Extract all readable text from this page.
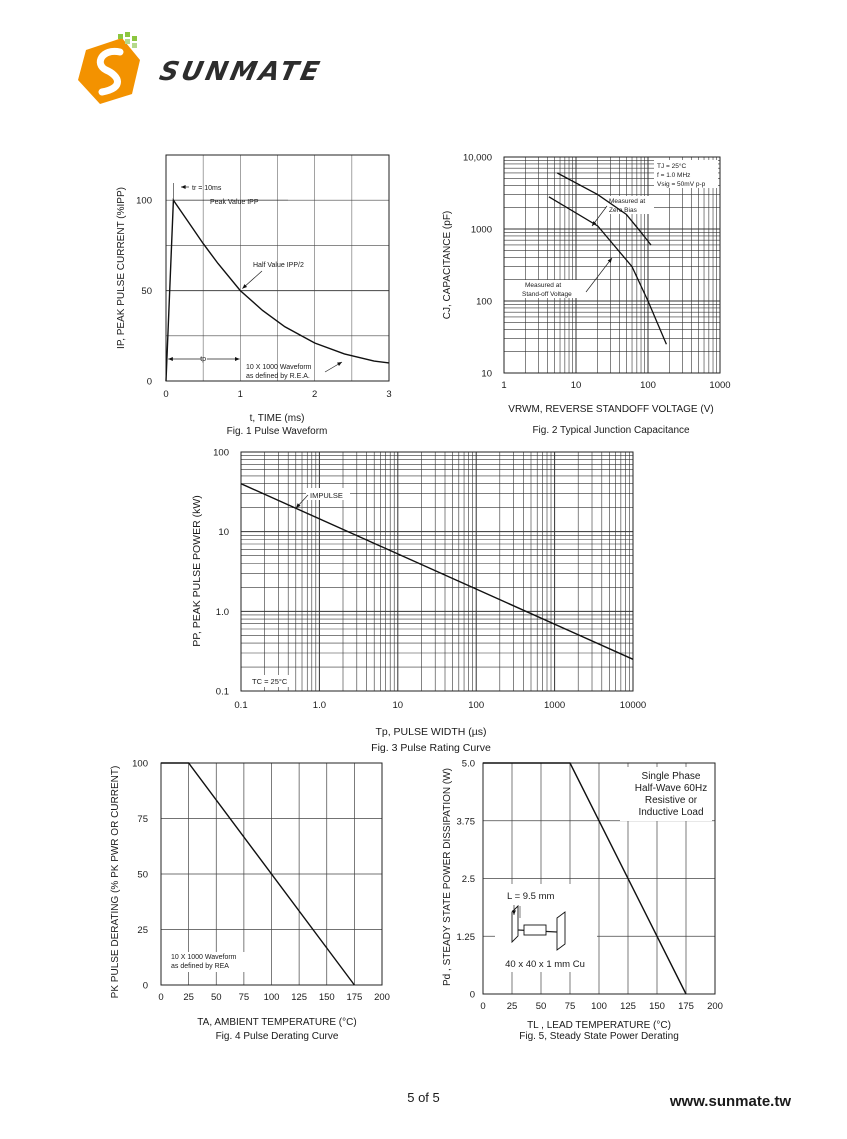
SUNMATE
0	1	2	3
0
50
100
t, TIME (ms)
Fig. 1 Pulse Waveform
IP, PEAK PULSE CURRENT (%IPP)	tr = 10ms
Peak Value IPP
Half Value IPP/2
tp
10 X 1000 Waveform
as defined by R.E.A.
1	10	100	1000
10
100
1000
10,000
VRWM, REVERSE STANDOFF VOLTAGE (V)
Fig. 2 Typical Junction Capacitance
CJ, CAPACITANCE (pF)
TJ = 25°C
f = 1.0 MHz
Vsig = 50mV p-p
Measured at
Zero Bias
Measured at
Stand-off Voltage
0.1	1.0	10	100	1000	10000
0.1
1.0
10
100
Tp, PULSE WIDTH (µs)
Fig. 3 Pulse Rating Curve
PP, PEAK PULSE POWER (kW)	IMPULSE
TC = 25°C
0 25 50 75 100 125 150 175 200
0
25
50
75
100
TA, AMBIENT TEMPERATURE (°C)
Fig. 4 Pulse Derating Curve
PK PULSE DERATING (% PK PWR OR CURRENT)	10 X 1000 Waveform
as defined by REA
0 25 50 75 100 125 150 175 200
0
1.25
2.5
3.75
5.0
TL , LEAD TEMPERATURE (°C)
Fig. 5, Steady State Power Derating
Pd , STEADY STATE POWER DISSIPATION (W)	Single Phase
Half-Wave 60Hz
Resistive or
Inductive Load
L = 9.5 mm
40 x 40 x 1 mm Cu
5 of 5	www.sunmate.tw
